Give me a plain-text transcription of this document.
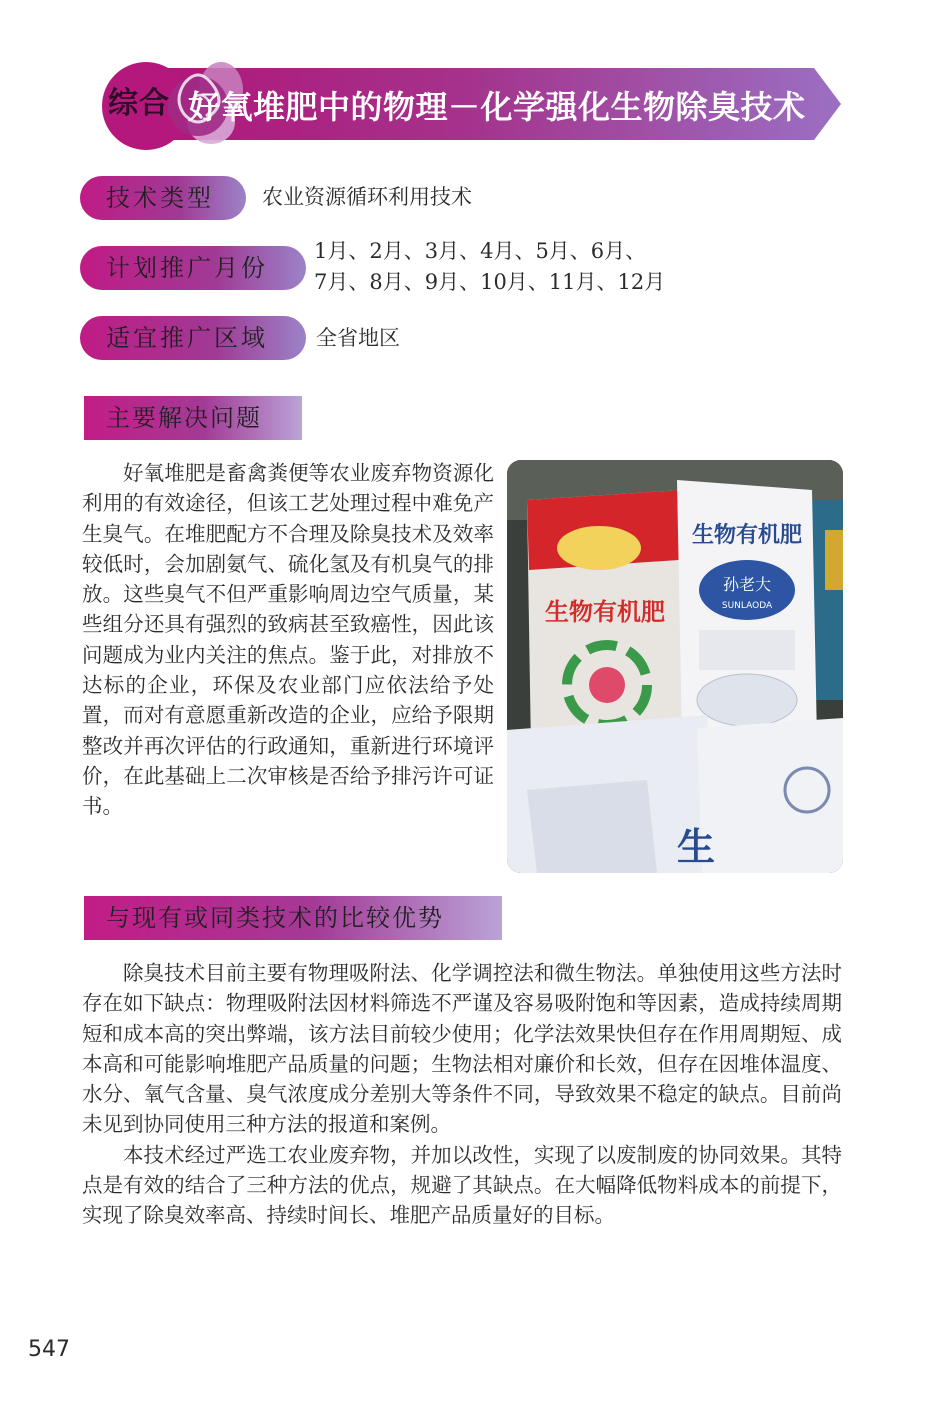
综合 好氧堆肥中的物理－化学强化生物除臭技术
技术类型	农业资源循环利用技术
计划推广月份
1月、2月、3月、4月、5月、6月、
7月、8月、9月、10月、11月、12月
适宜推广区域	全省地区
主要解决问题

好氧堆肥是畜禽粪便等农业废弃物资源化利用的有效途径，但该工艺处理过程中难免产生臭气。在堆肥配方不合理及除臭技术及效率较低时，会加剧氨气、硫化氢及有机臭气的排放。这些臭气不但严重影响周边空气质量，某些组分还具有强烈的致病甚至致癌性，因此该问题成为业内关注的焦点。鉴于此，对排放不达标的企业，环保及农业部门应依法给予处置，而对有意愿重新改造的企业，应给予限期整改并再次评估的行政通知，重新进行环境评价，在此基础上二次审核是否给予排污许可证书。

生物有机肥
生物有机肥
孙老大
SUNLAODA
生
与现有或同类技术的比较优势

除臭技术目前主要有物理吸附法、化学调控法和微生物法。单独使用这些方法时存在如下缺点：物理吸附法因材料筛选不严谨及容易吸附饱和等因素，造成持续周期短和成本高的突出弊端，该方法目前较少使用；化学法效果快但存在作用周期短、成本高和可能影响堆肥产品质量的问题；生物法相对廉价和长效，但存在因堆体温度、水分、氧气含量、臭气浓度成分差别大等条件不同，导致效果不稳定的缺点。目前尚未见到协同使用三种方法的报道和案例。

本技术经过严选工农业废弃物，并加以改性，实现了以废制废的协同效果。其特点是有效的结合了三种方法的优点，规避了其缺点。在大幅降低物料成本的前提下，实现了除臭效率高、持续时间长、堆肥产品质量好的目标。

547
